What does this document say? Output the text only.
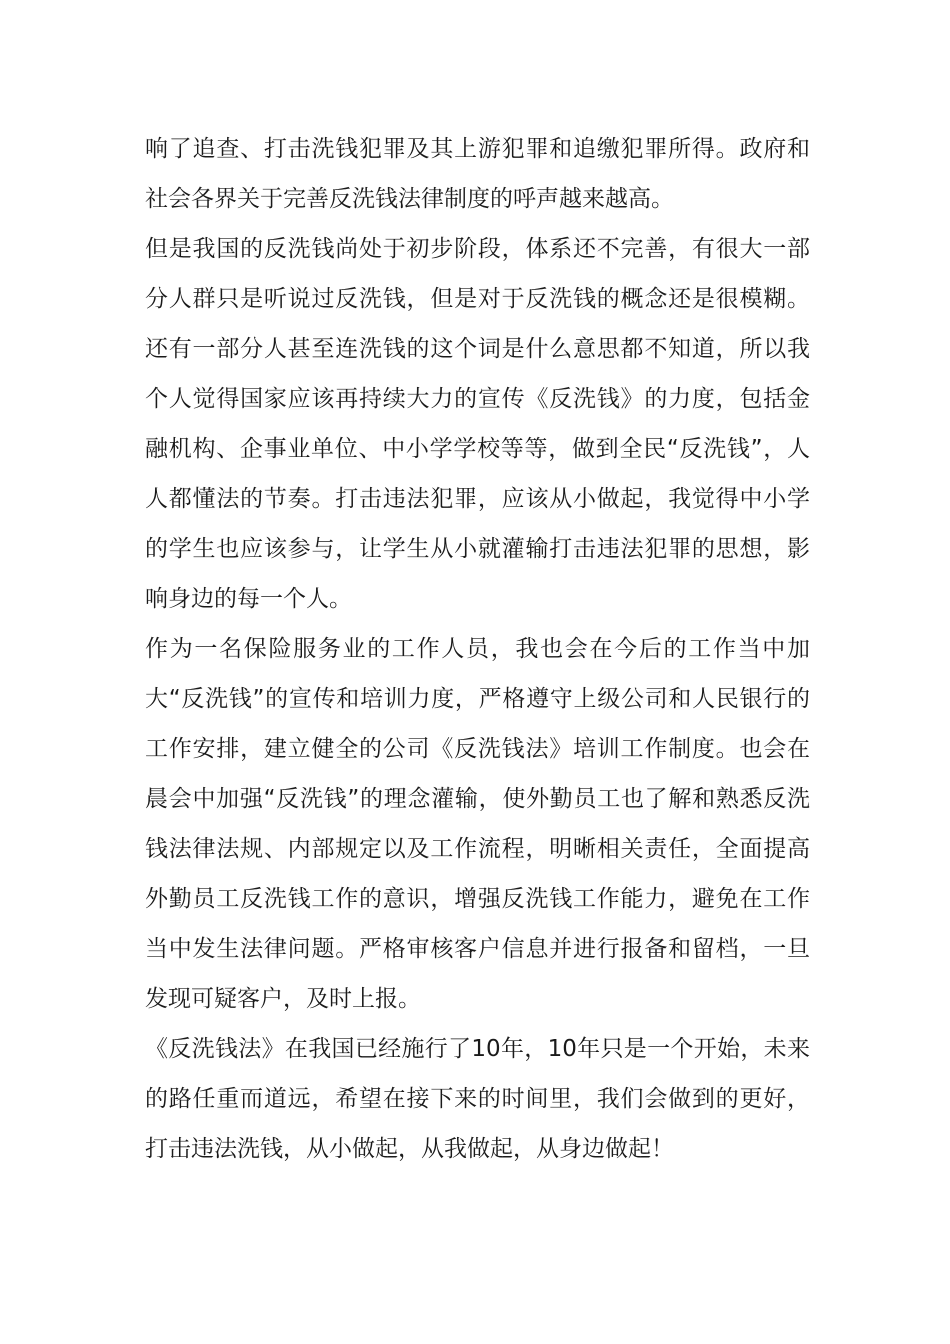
响了追查、打击洗钱犯罪及其上游犯罪和追缴犯罪所得。政府和社会各界关于完善反洗钱法律制度的呼声越来越高。

但是我国的反洗钱尚处于初步阶段，体系还不完善，有很大一部分人群只是听说过反洗钱，但是对于反洗钱的概念还是很模糊。还有一部分人甚至连洗钱的这个词是什么意思都不知道，所以我个人觉得国家应该再持续大力的宣传《反洗钱》的力度，包括金融机构、企事业单位、中小学学校等等，做到全民“反洗钱”，人人都懂法的节奏。打击违法犯罪，应该从小做起，我觉得中小学的学生也应该参与，让学生从小就灌输打击违法犯罪的思想，影响身边的每一个人。

作为一名保险服务业的工作人员，我也会在今后的工作当中加大“反洗钱”的宣传和培训力度，严格遵守上级公司和人民银行的工作安排，建立健全的公司《反洗钱法》培训工作制度。也会在晨会中加强“反洗钱”的理念灌输，使外勤员工也了解和熟悉反洗钱法律法规、内部规定以及工作流程，明晰相关责任，全面提高外勤员工反洗钱工作的意识，增强反洗钱工作能力，避免在工作当中发生法律问题。严格审核客户信息并进行报备和留档，一旦发现可疑客户，及时上报。

《反洗钱法》在我国已经施行了10年，10年只是一个开始，未来的路任重而道远，希望在接下来的时间里，我们会做到的更好，打击违法洗钱，从小做起，从我做起，从身边做起！
